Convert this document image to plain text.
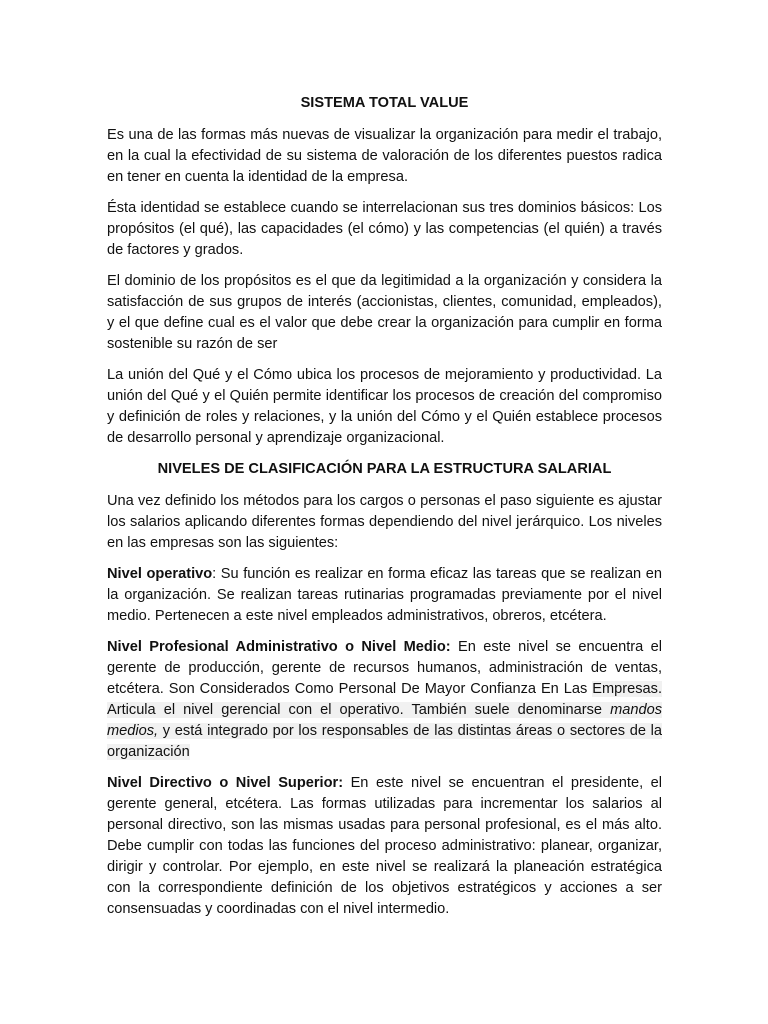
SISTEMA TOTAL VALUE

Es una de las formas más nuevas de visualizar la organización para medir el trabajo, en la cual la efectividad de su sistema de valoración de los diferentes puestos radica en tener en cuenta la identidad de la empresa.

Ésta identidad se establece cuando se interrelacionan sus tres dominios básicos: Los propósitos (el qué), las capacidades (el cómo) y las competencias (el quién) a través de factores y grados.

El dominio de los propósitos es el que da legitimidad a la organización y considera la satisfacción de sus grupos de interés (accionistas, clientes, comunidad, empleados), y el que define cual es el valor que debe crear la organización para cumplir en forma sostenible su razón de ser

La unión del Qué y el Cómo ubica los procesos de mejoramiento y productividad. La unión del Qué y el Quién permite identificar los procesos de creación del compromiso y definición de roles y relaciones, y la unión del Cómo y el Quién establece procesos de desarrollo personal y aprendizaje organizacional.

NIVELES DE CLASIFICACIÓN PARA LA ESTRUCTURA SALARIAL

Una vez definido los métodos para los cargos o personas el paso siguiente es ajustar los salarios aplicando diferentes formas dependiendo del nivel jerárquico. Los niveles en las empresas son las siguientes:

Nivel operativo: Su función es realizar en forma eficaz las tareas que se realizan en la organización. Se realizan tareas rutinarias programadas previamente por el nivel medio. Pertenecen a este nivel empleados administrativos, obreros, etcétera.

Nivel Profesional Administrativo o Nivel Medio: En este nivel se encuentra el gerente de producción, gerente de recursos humanos, administración de ventas, etcétera. Son Considerados Como Personal De Mayor Confianza En Las Empresas. Articula el nivel gerencial con el operativo. También suele denominarse mandos medios, y está integrado por los responsables de las distintas áreas o sectores de la organización

Nivel Directivo o Nivel Superior: En este nivel se encuentran el presidente, el gerente general, etcétera. Las formas utilizadas para incrementar los salarios al personal directivo, son las mismas usadas para personal profesional, es el más alto. Debe cumplir con todas las funciones del proceso administrativo: planear, organizar, dirigir y controlar. Por ejemplo, en este nivel se realizará la planeación estratégica con la correspondiente definición de los objetivos estratégicos y acciones a ser consensuadas y coordinadas con el nivel intermedio.
